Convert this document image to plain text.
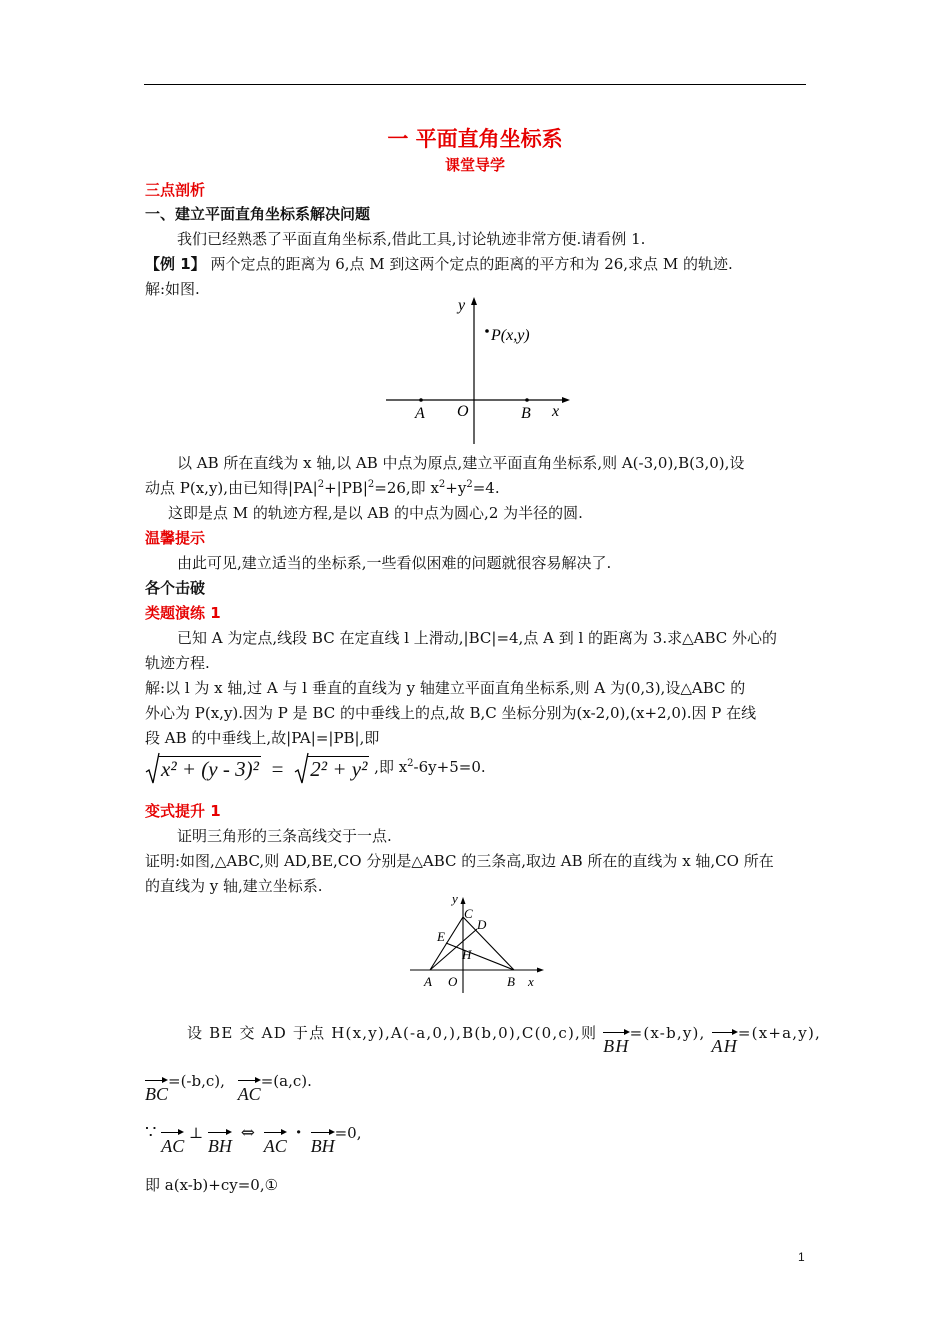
一 平面直角坐标系
课堂导学
三点剖析
一、建立平面直角坐标系解决问题
我们已经熟悉了平面直角坐标系,借此工具,讨论轨迹非常方便.请看例 1.
【例 1】 两个定点的距离为 6,点 M 到这两个定点的距离的平方和为 26,求点 M 的轨迹.
解:如图.
y
P(x,y)
A O	B x
以 AB 所在直线为 x 轴,以 AB 中点为原点,建立平面直角坐标系,则 A(-3,0),B(3,0),设
动点 P(x,y),由已知得$|PA|^2+|PB|^2=26$,即 $x^2+y^2=4$.
这即是点 M 的轨迹方程,是以 AB 的中点为圆心,2 为半径的圆.
温馨提示
由此可见,建立适当的坐标系,一些看似困难的问题就很容易解决了.
各个击破
类题演练 1
已知 A 为定点,线段 BC 在定直线 l 上滑动,|BC|=4,点 A 到 l 的距离为 3.求△ABC 外心的
轨迹方程.
解:以 l 为 x 轴,过 A 与 l 垂直的直线为 y 轴建立平面直角坐标系,则 A 为(0,3),设△ABC 的
外心为 P(x,y).因为 P 是 BC 的中垂线上的点,故 B,C 坐标分别为(x-2,0),(x+2,0).因 P 在线
段 AB 的中垂线上,故|PA|=|PB|,即
x² + (y - 3)² = 2² + y² ,即 $x^2-6y+5=0$.
变式提升 1
证明三角形的三条高线交于一点.
证明:如图,△ABC,则 AD,BE,CO 分别是△ABC 的三条高,取边 AB 所在的直线为 x 轴,CO 所在
的直线为 y 轴,建立坐标系.
y
C
D
E
H
A O	B x
设 BE 交 AD 于点 H(x,y),A(-a,0,),B(b,0),C(0,c),则 BH=(x-b,y), AH=(x+a,y),
BC=(-b,c), AC=(a,c).
∵ AC ⊥ BH ⇔ AC · BH=0,
即 a(x-b)+cy=0,①
1
